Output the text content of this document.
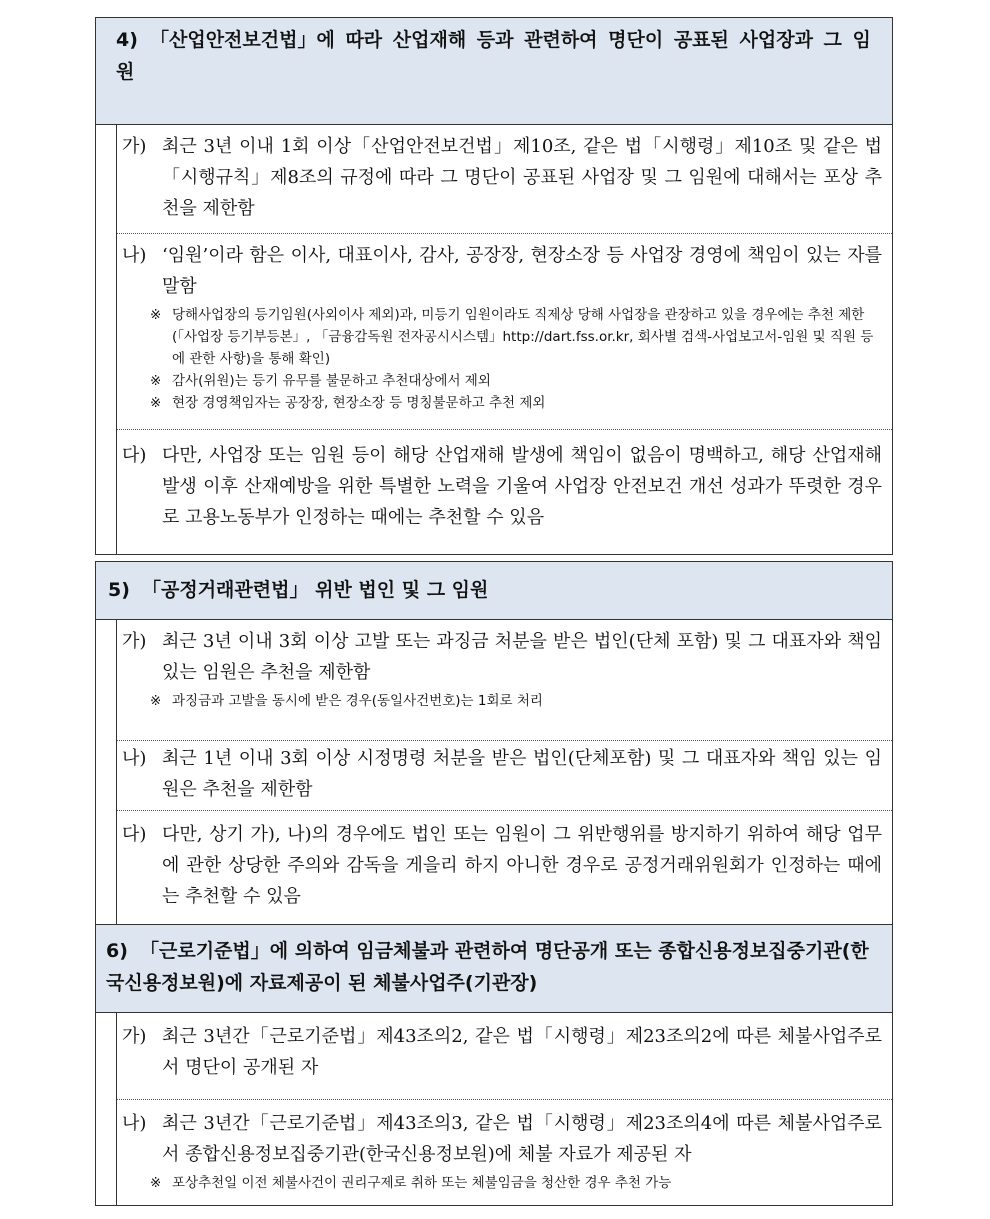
4) 「산업안전보건법」에 따라 산업재해 등과 관련하여 명단이 공표된 사업장과 그 임원
가) 최근 3년 이내 1회 이상「산업안전보건법」제10조, 같은 법「시행령」제10조 및 같은 법「시행규칙」제8조의 규정에 따라 그 명단이 공표된 사업장 및 그 임원에 대해서는 포상 추천을 제한함
나) ‘임원’이라 함은 이사, 대표이사, 감사, 공장장, 현장소장 등 사업장 경영에 책임이 있는 자를 말함
※ 당해사업장의 등기임원(사외이사 제외)과, 미등기 임원이라도 직제상 당해 사업장을 관장하고 있을 경우에는 추천 제한 (「사업장 등기부등본」, 「금융감독원 전자공시시스템」http://dart.fss.or.kr, 회사별 검색-사업보고서-임원 및 직원 등에 관한 사항)을 통해 확인)
※ 감사(위원)는 등기 유무를 불문하고 추천대상에서 제외
※ 현장 경영책임자는 공장장, 현장소장 등 명칭불문하고 추천 제외
다) 다만, 사업장 또는 임원 등이 해당 산업재해 발생에 책임이 없음이 명백하고, 해당 산업재해 발생 이후 산재예방을 위한 특별한 노력을 기울여 사업장 안전보건 개선 성과가 뚜렷한 경우로 고용노동부가 인정하는 때에는 추천할 수 있음
5) 「공정거래관련법」 위반 법인 및 그 임원
가) 최근 3년 이내 3회 이상 고발 또는 과징금 처분을 받은 법인(단체 포함) 및 그 대표자와 책임있는 임원은 추천을 제한함
※ 과징금과 고발을 동시에 받은 경우(동일사건번호)는 1회로 처리
나) 최근 1년 이내 3회 이상 시정명령 처분을 받은 법인(단체포함) 및 그 대표자와 책임 있는 임원은 추천을 제한함
다) 다만, 상기 가), 나)의 경우에도 법인 또는 임원이 그 위반행위를 방지하기 위하여 해당 업무에 관한 상당한 주의와 감독을 게을리 하지 아니한 경우로 공정거래위원회가 인정하는 때에는 추천할 수 있음
6) 「근로기준법」에 의하여 임금체불과 관련하여 명단공개 또는 종합신용정보집중기관(한국신용정보원)에 자료제공이 된 체불사업주(기관장)
가) 최근 3년간「근로기준법」제43조의2, 같은 법「시행령」제23조의2에 따른 체불사업주로서 명단이 공개된 자
나) 최근 3년간「근로기준법」제43조의3, 같은 법「시행령」제23조의4에 따른 체불사업주로서 종합신용정보집중기관(한국신용정보원)에 체불 자료가 제공된 자
※ 포상추천일 이전 체불사건이 권리구제로 취하 또는 체불임금을 청산한 경우 추천 가능
